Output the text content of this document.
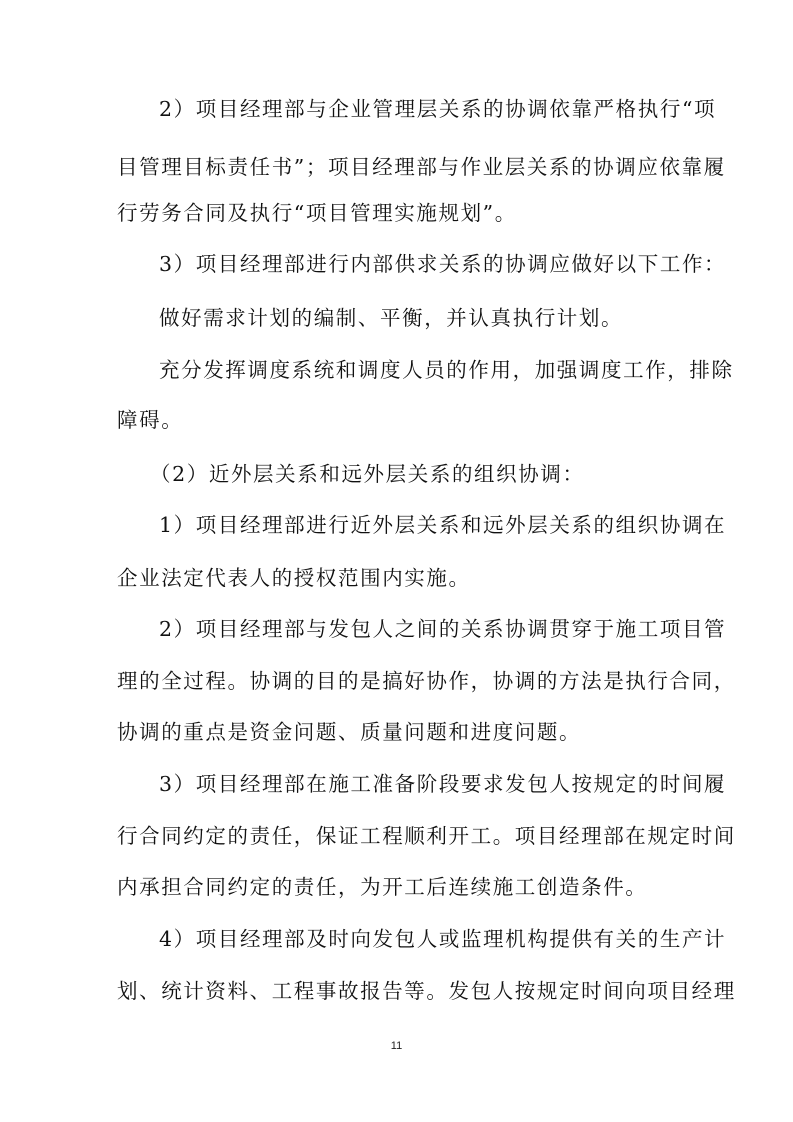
2）项目经理部与企业管理层关系的协调依靠严格执行“项
目管理目标责任书”；项目经理部与作业层关系的协调应依靠履
行劳务合同及执行“项目管理实施规划”。
3）项目经理部进行内部供求关系的协调应做好以下工作：
做好需求计划的编制、平衡，并认真执行计划。
充分发挥调度系统和调度人员的作用，加强调度工作，排除
障碍。
（2）近外层关系和远外层关系的组织协调：
1）项目经理部进行近外层关系和远外层关系的组织协调在
企业法定代表人的授权范围内实施。
2）项目经理部与发包人之间的关系协调贯穿于施工项目管
理的全过程。协调的目的是搞好协作，协调的方法是执行合同，
协调的重点是资金问题、质量问题和进度问题。
3）项目经理部在施工准备阶段要求发包人按规定的时间履
行合同约定的责任，保证工程顺利开工。项目经理部在规定时间
内承担合同约定的责任，为开工后连续施工创造条件。
4）项目经理部及时向发包人或监理机构提供有关的生产计
划、统计资料、工程事故报告等。发包人按规定时间向项目经理
11
